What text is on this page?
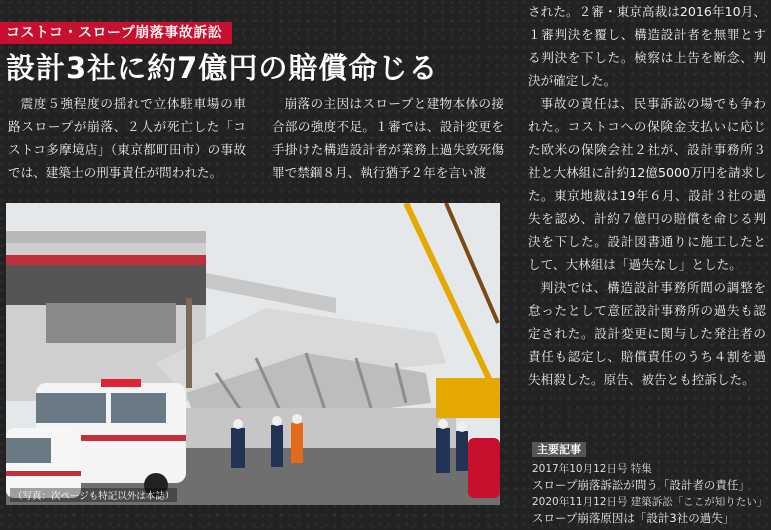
コストコ・スロープ崩落事故訴訟
設計3社に約7億円の賠償命じる

震度５強程度の揺れで立体駐車場の車路スロープが崩落、２人が死亡した「コストコ多摩境店」（東京都町田市）の事故では、建築士の刑事責任が問われた。

崩落の主因はスロープと建物本体の接合部の強度不足。１審では、設計変更を手掛けた構造設計者が業務上過失致死傷罪で禁錮８月、執行猶予２年を言い渡

された。２審・東京高裁は2016年10月、１審判決を覆し、構造設計者を無罪とする判決を下した。検察は上告を断念、判決が確定した。

事故の責任は、民事訴訟の場でも争われた。コストコへの保険金支払いに応じた欧米の保険会社２社が、設計事務所３社と大林組に計約12億5000万円を請求した。東京地裁は19年６月、設計３社の過失を認め、計約７億円の賠償を命じる判決を下した。設計図書通りに施工したとして、大林組は「過失なし」とした。

判決では、構造設計事務所間の調整を怠ったとして意匠設計事務所の過失も認定された。設計変更に関与した発注者の責任も認定し、賠償責任のうち４割を過失相殺した。原告、被告とも控訴した。

（写真：次ページも特記以外は本誌）
主要記事
2017年10月12日号 特集
スロープ崩落訴訟が問う「設計者の責任」
2020年11月12日号 建築訴訟「ここが知りたい」
スロープ崩落原因は「設計3社の過失」
